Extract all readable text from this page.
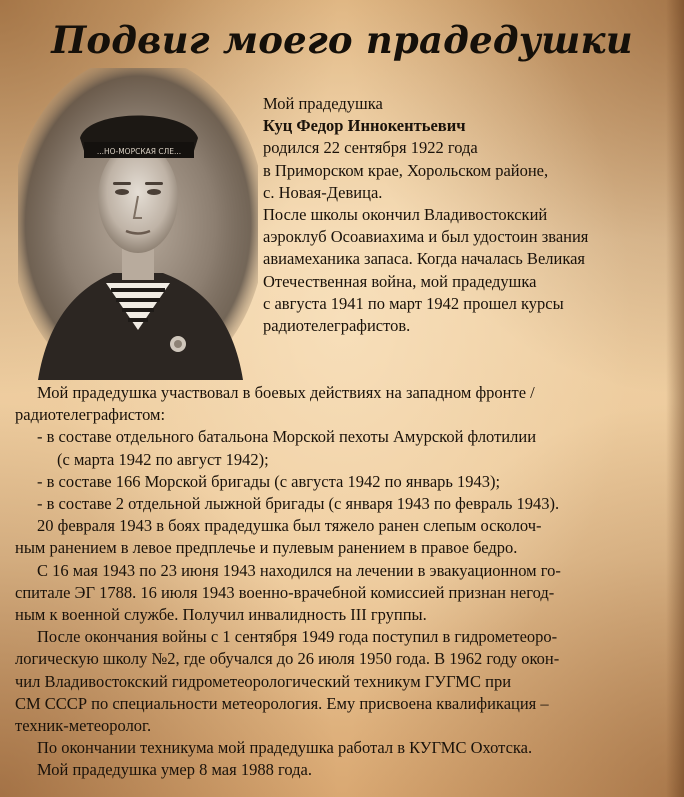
Подвиг моего прадедушки
...НО-МОРСКАЯ СЛЕ...
Мой прадедушка
Куц Федор Иннокентьевич
родился 22 сентября 1922 года
в Приморском крае, Хорольском районе,
с. Новая-Девица.
После школы окончил Владивостокский
аэроклуб Осоавиахима и был удостоин звания
авиамеханика запаса. Когда началась Великая
Отечественная война, мой прадедушка
с августа 1941 по март 1942 прошел курсы
радиотелеграфистов.
Мой прадедушка участвовал в боевых действиях на западном фронте /
радиотелеграфистом:
- в составе отдельного батальона Морской пехоты Амурской флотилии
(с марта 1942 по август 1942);
- в составе 166 Морской бригады (с августа 1942 по январь 1943);
- в составе 2 отдельной лыжной бригады (с января 1943 по февраль 1943).
20 февраля 1943 в боях прадедушка был тяжело ранен слепым осколоч-
ным ранением в левое предплечье и пулевым ранением в правое бедро.
С 16 мая 1943 по 23 июня 1943 находился на лечении в эвакуационном го-
спитале ЭГ 1788. 16 июля 1943 военно-врачебной комиссией признан негод-
ным к военной службе. Получил инвалидность III группы.
После окончания войны с 1 сентября 1949 года поступил в гидрометеоро-
логическую школу №2, где обучался до 26 июля 1950 года. В 1962 году окон-
чил Владивостокский гидрометеорологический техникум ГУГМС при
СМ СССР по специальности метеорология. Ему присвоена квалификация –
техник-метеоролог.
По окончании техникума мой прадедушка работал в КУГМС Охотска.
Мой прадедушка умер 8 мая 1988 года.
